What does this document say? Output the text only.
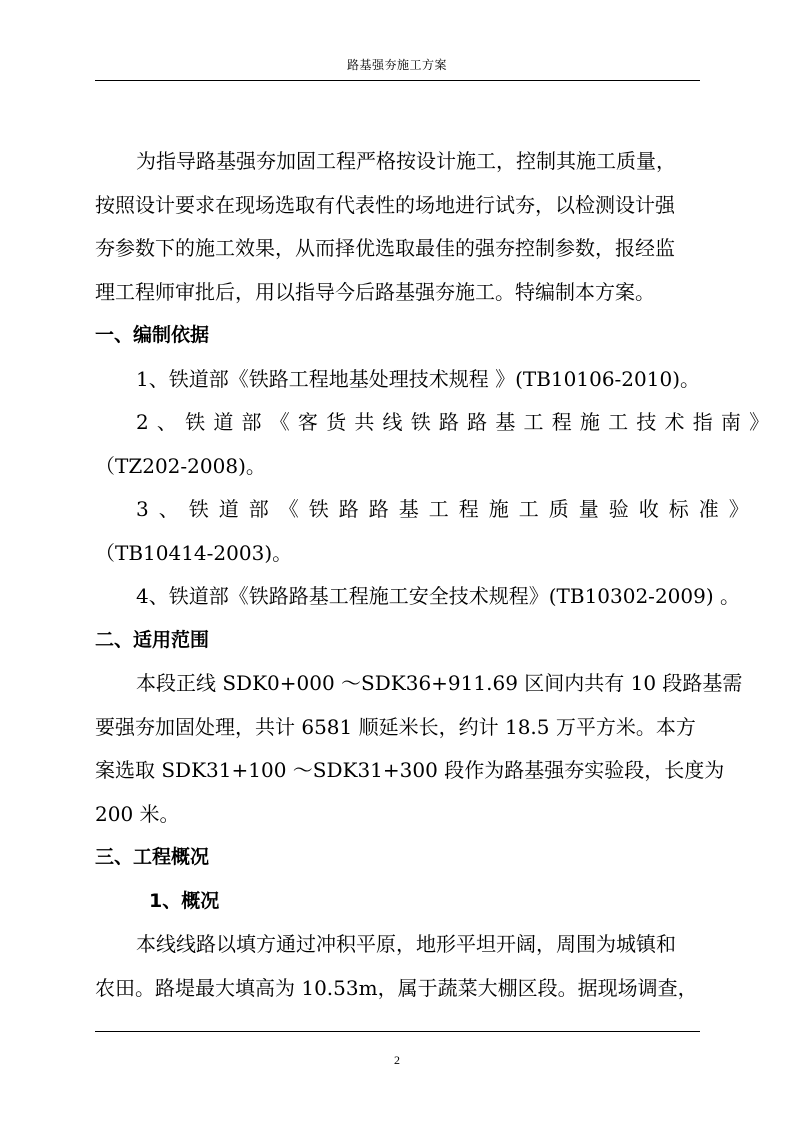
路基强夯施工方案

为指导路基强夯加固工程严格按设计施工，控制其施工质量，

按照设计要求在现场选取有代表性的场地进行试夯，以检测设计强

夯参数下的施工效果，从而择优选取最佳的强夯控制参数，报经监

理工程师审批后，用以指导今后路基强夯施工。特编制本方案。

一、编制依据

1、铁道部《铁路工程地基处理技术规程 》(TB10106-2010)。

2、铁道部《客货共线铁路路基工程施工技术指南》

（TZ202-2008)。

3、铁道部《铁路路基工程施工质量验收标准》

（TB10414-2003)。

4、铁道部《铁路路基工程施工安全技术规程》(TB10302-2009) 。

二、适用范围

本段正线 SDK0+000 ～SDK36+911.69 区间内共有 10 段路基需

要强夯加固处理，共计 6581 顺延米长，约计 18.5 万平方米。本方

案选取 SDK31+100 ～SDK31+300 段作为路基强夯实验段，长度为

200 米。

三、工程概况

1、概况

本线线路以填方通过冲积平原，地形平坦开阔，周围为城镇和

农田。路堤最大填高为 10.53m，属于蔬菜大棚区段。据现场调查，

2
